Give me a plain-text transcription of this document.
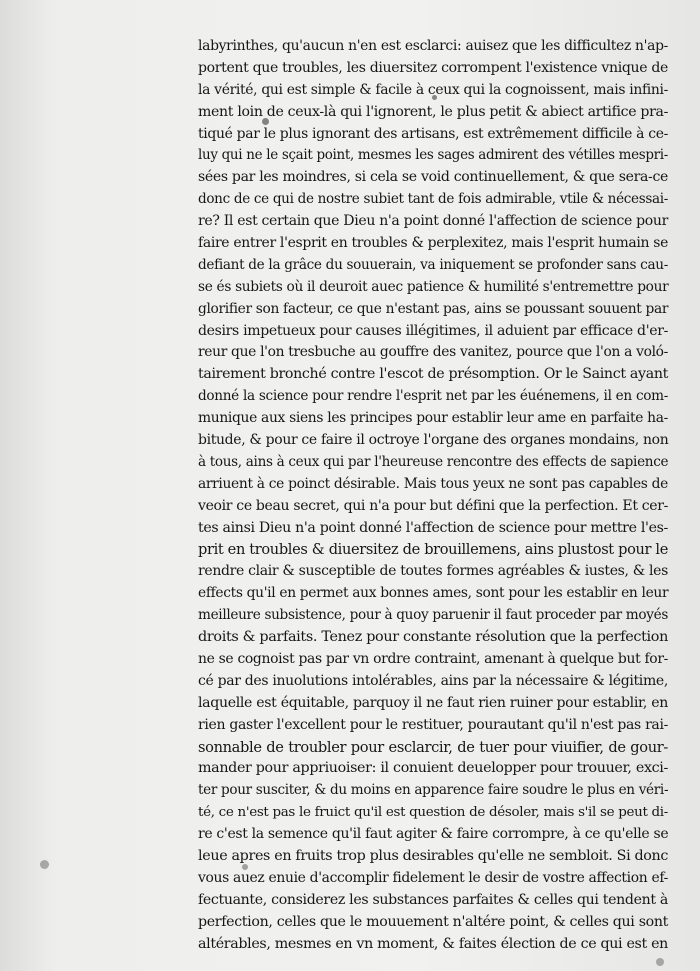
labyrinthes, qu'aucun n'en est esclarci: auisez que les difficultez n'ap-
portent que troubles, les diuersitez corrompent l'existence vnique de
la vérité, qui est simple & facile à ceux qui la cognoissent, mais infini-
ment loin de ceux-là qui l'ignorent, le plus petit & abiect artifice pra-
tiqué par le plus ignorant des artisans, est extrêmement difficile à ce-
luy qui ne le sçait point, mesmes les sages admirent des vétilles mespri-
sées par les moindres, si cela se void continuellement, & que sera-ce
donc de ce qui de nostre subiet tant de fois admirable, vtile & nécessai-
re? Il est certain que Dieu n'a point donné l'affection de science pour
faire entrer l'esprit en troubles & perplexitez, mais l'esprit humain se
defiant de la grâce du souuerain, va iniquement se profonder sans cau-
se és subiets où il deuroit auec patience & humilité s'entremettre pour
glorifier son facteur, ce que n'estant pas, ains se poussant souuent par
desirs impetueux pour causes illégitimes, il aduient par efficace d'er-
reur que l'on tresbuche au gouffre des vanitez, pource que l'on a voló-
tairement bronché contre l'escot de présomption. Or le Sainct ayant
donné la science pour rendre l'esprit net par les éuénemens, il en com-
munique aux siens les principes pour establir leur ame en parfaite ha-
bitude, & pour ce faire il octroye l'organe des organes mondains, non
à tous, ains à ceux qui par l'heureuse rencontre des effects de sapience
arriuent à ce poinct désirable. Mais tous yeux ne sont pas capables de
veoir ce beau secret, qui n'a pour but défini que la perfection. Et cer-
tes ainsi Dieu n'a point donné l'affection de science pour mettre l'es-
prit en troubles & diuersitez de brouillemens, ains plustost pour le
rendre clair & susceptible de toutes formes agréables & iustes, & les
effects qu'il en permet aux bonnes ames, sont pour les establir en leur
meilleure subsistence, pour à quoy paruenir il faut proceder par moyés
droits & parfaits. Tenez pour constante résolution que la perfection
ne se cognoist pas par vn ordre contraint, amenant à quelque but for-
cé par des inuolutions intolérables, ains par la nécessaire & légitime,
laquelle est équitable, parquoy il ne faut rien ruiner pour establir, en
rien gaster l'excellent pour le restituer, pourautant qu'il n'est pas rai-
sonnable de troubler pour esclarcir, de tuer pour viuifier, de gour-
mander pour appriuoiser: il conuient deuelopper pour trouuer, exci-
ter pour susciter, & du moins en apparence faire soudre le plus en véri-
té, ce n'est pas le fruict qu'il est question de désoler, mais s'il se peut di-
re c'est la semence qu'il faut agiter & faire corrompre, à ce qu'elle se
leue apres en fruits trop plus desirables qu'elle ne sembloit. Si donc
vous auez enuie d'accomplir fidelement le desir de vostre affection ef-
fectuante, considerez les substances parfaites & celles qui tendent à
perfection, celles que le mouuement n'altére point, & celles qui sont
altérables, mesmes en vn moment, & faites élection de ce qui est en
